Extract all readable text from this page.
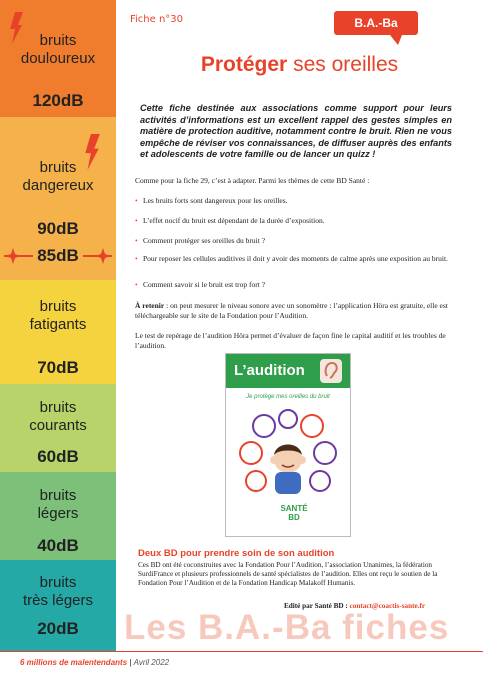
bruits
douloureux
120dB
bruits
dangereux
90dB
85dB
bruits
fatigants
70dB
bruits
courants
60dB
bruits
légers
40dB
bruits
très légers
20dB
Fiche n°30	B.A.-Ba
Protéger ses oreilles
Cette fiche destinée aux associations comme support pour leurs activités d’informations est un excellent rappel des gestes simples en matière de protection auditive, notamment contre le bruit. Rien ne vous empêche de réviser vos connaissances, de diffuser auprès des enfants et adolescents de votre famille ou de lancer un quizz !
Comme pour la fiche 29, c’est à adapter. Parmi les thèmes de cette BD Santé :
• Les bruits forts sont dangereux pour les oreilles.
• L’effet nocif du bruit est dépendant de la durée d’exposition.
• Comment protéger ses oreilles du bruit ?
• Pour reposer les cellules auditives il doit y avoir des moments de calme après une exposition au bruit.
• Comment savoir si le bruit est trop fort ?
À retenir : on peut mesurer le niveau sonore avec un sonomètre : l’application Höra est gratuite, elle est téléchargeable sur le site de la Fondation pour l’Audition.
Le test de repérage de l’audition Höra permet d’évaluer de façon fine le capital auditif et les troubles de l’audition.
L’audition
Je protège mes oreilles du bruit
SANTÉ
BD
Deux BD pour prendre soin de son audition
Ces BD ont été coconstruites avec la Fondation Pour l’Audition, l’association Unanimes, la fédération SurdiFrance et plusieurs professionnels de santé spécialistes de l’audition. Elles ont reçu le soutien de la Fondation Pour l’Audition et de la Fondation Handicap Malakoff Humanis.
Edité par Santé BD : contact@coactis-sante.fr
Les B.A.-Ba fiches
6 millions de malentendants | Avril 2022
